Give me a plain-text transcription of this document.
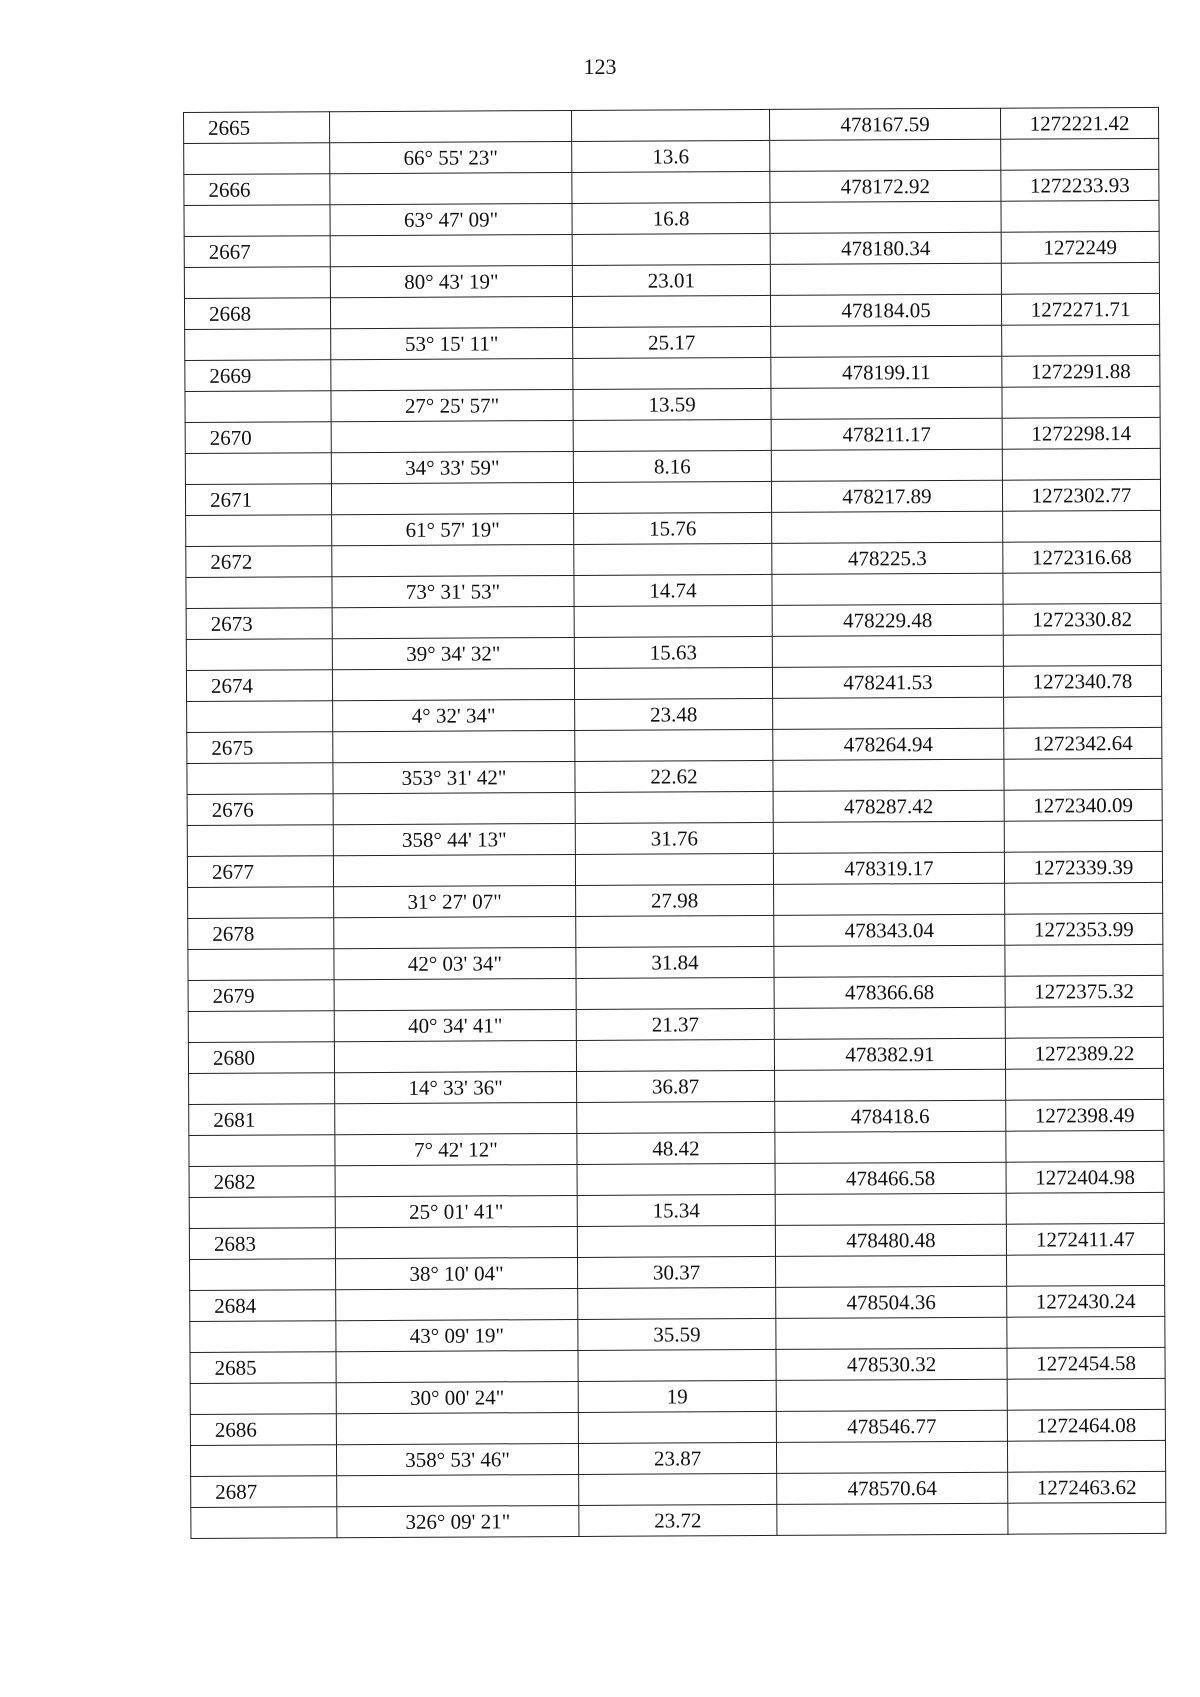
123
2665			478167.59	1272221.42
	66° 55' 23"	13.6		
2666			478172.92	1272233.93
	63° 47' 09"	16.8		
2667			478180.34	1272249
	80° 43' 19"	23.01		
2668			478184.05	1272271.71
	53° 15' 11"	25.17		
2669			478199.11	1272291.88
	27° 25' 57"	13.59		
2670			478211.17	1272298.14
	34° 33' 59"	8.16		
2671			478217.89	1272302.77
	61° 57' 19"	15.76		
2672			478225.3	1272316.68
	73° 31' 53"	14.74		
2673			478229.48	1272330.82
	39° 34' 32"	15.63		
2674			478241.53	1272340.78
	4° 32' 34"	23.48		
2675			478264.94	1272342.64
	353° 31' 42"	22.62		
2676			478287.42	1272340.09
	358° 44' 13"	31.76		
2677			478319.17	1272339.39
	31° 27' 07"	27.98		
2678			478343.04	1272353.99
	42° 03' 34"	31.84		
2679			478366.68	1272375.32
	40° 34' 41"	21.37		
2680			478382.91	1272389.22
	14° 33' 36"	36.87		
2681			478418.6	1272398.49
	7° 42' 12"	48.42		
2682			478466.58	1272404.98
	25° 01' 41"	15.34		
2683			478480.48	1272411.47
	38° 10' 04"	30.37		
2684			478504.36	1272430.24
	43° 09' 19"	35.59		
2685			478530.32	1272454.58
	30° 00' 24"	19		
2686			478546.77	1272464.08
	358° 53' 46"	23.87		
2687			478570.64	1272463.62
	326° 09' 21"	23.72		
